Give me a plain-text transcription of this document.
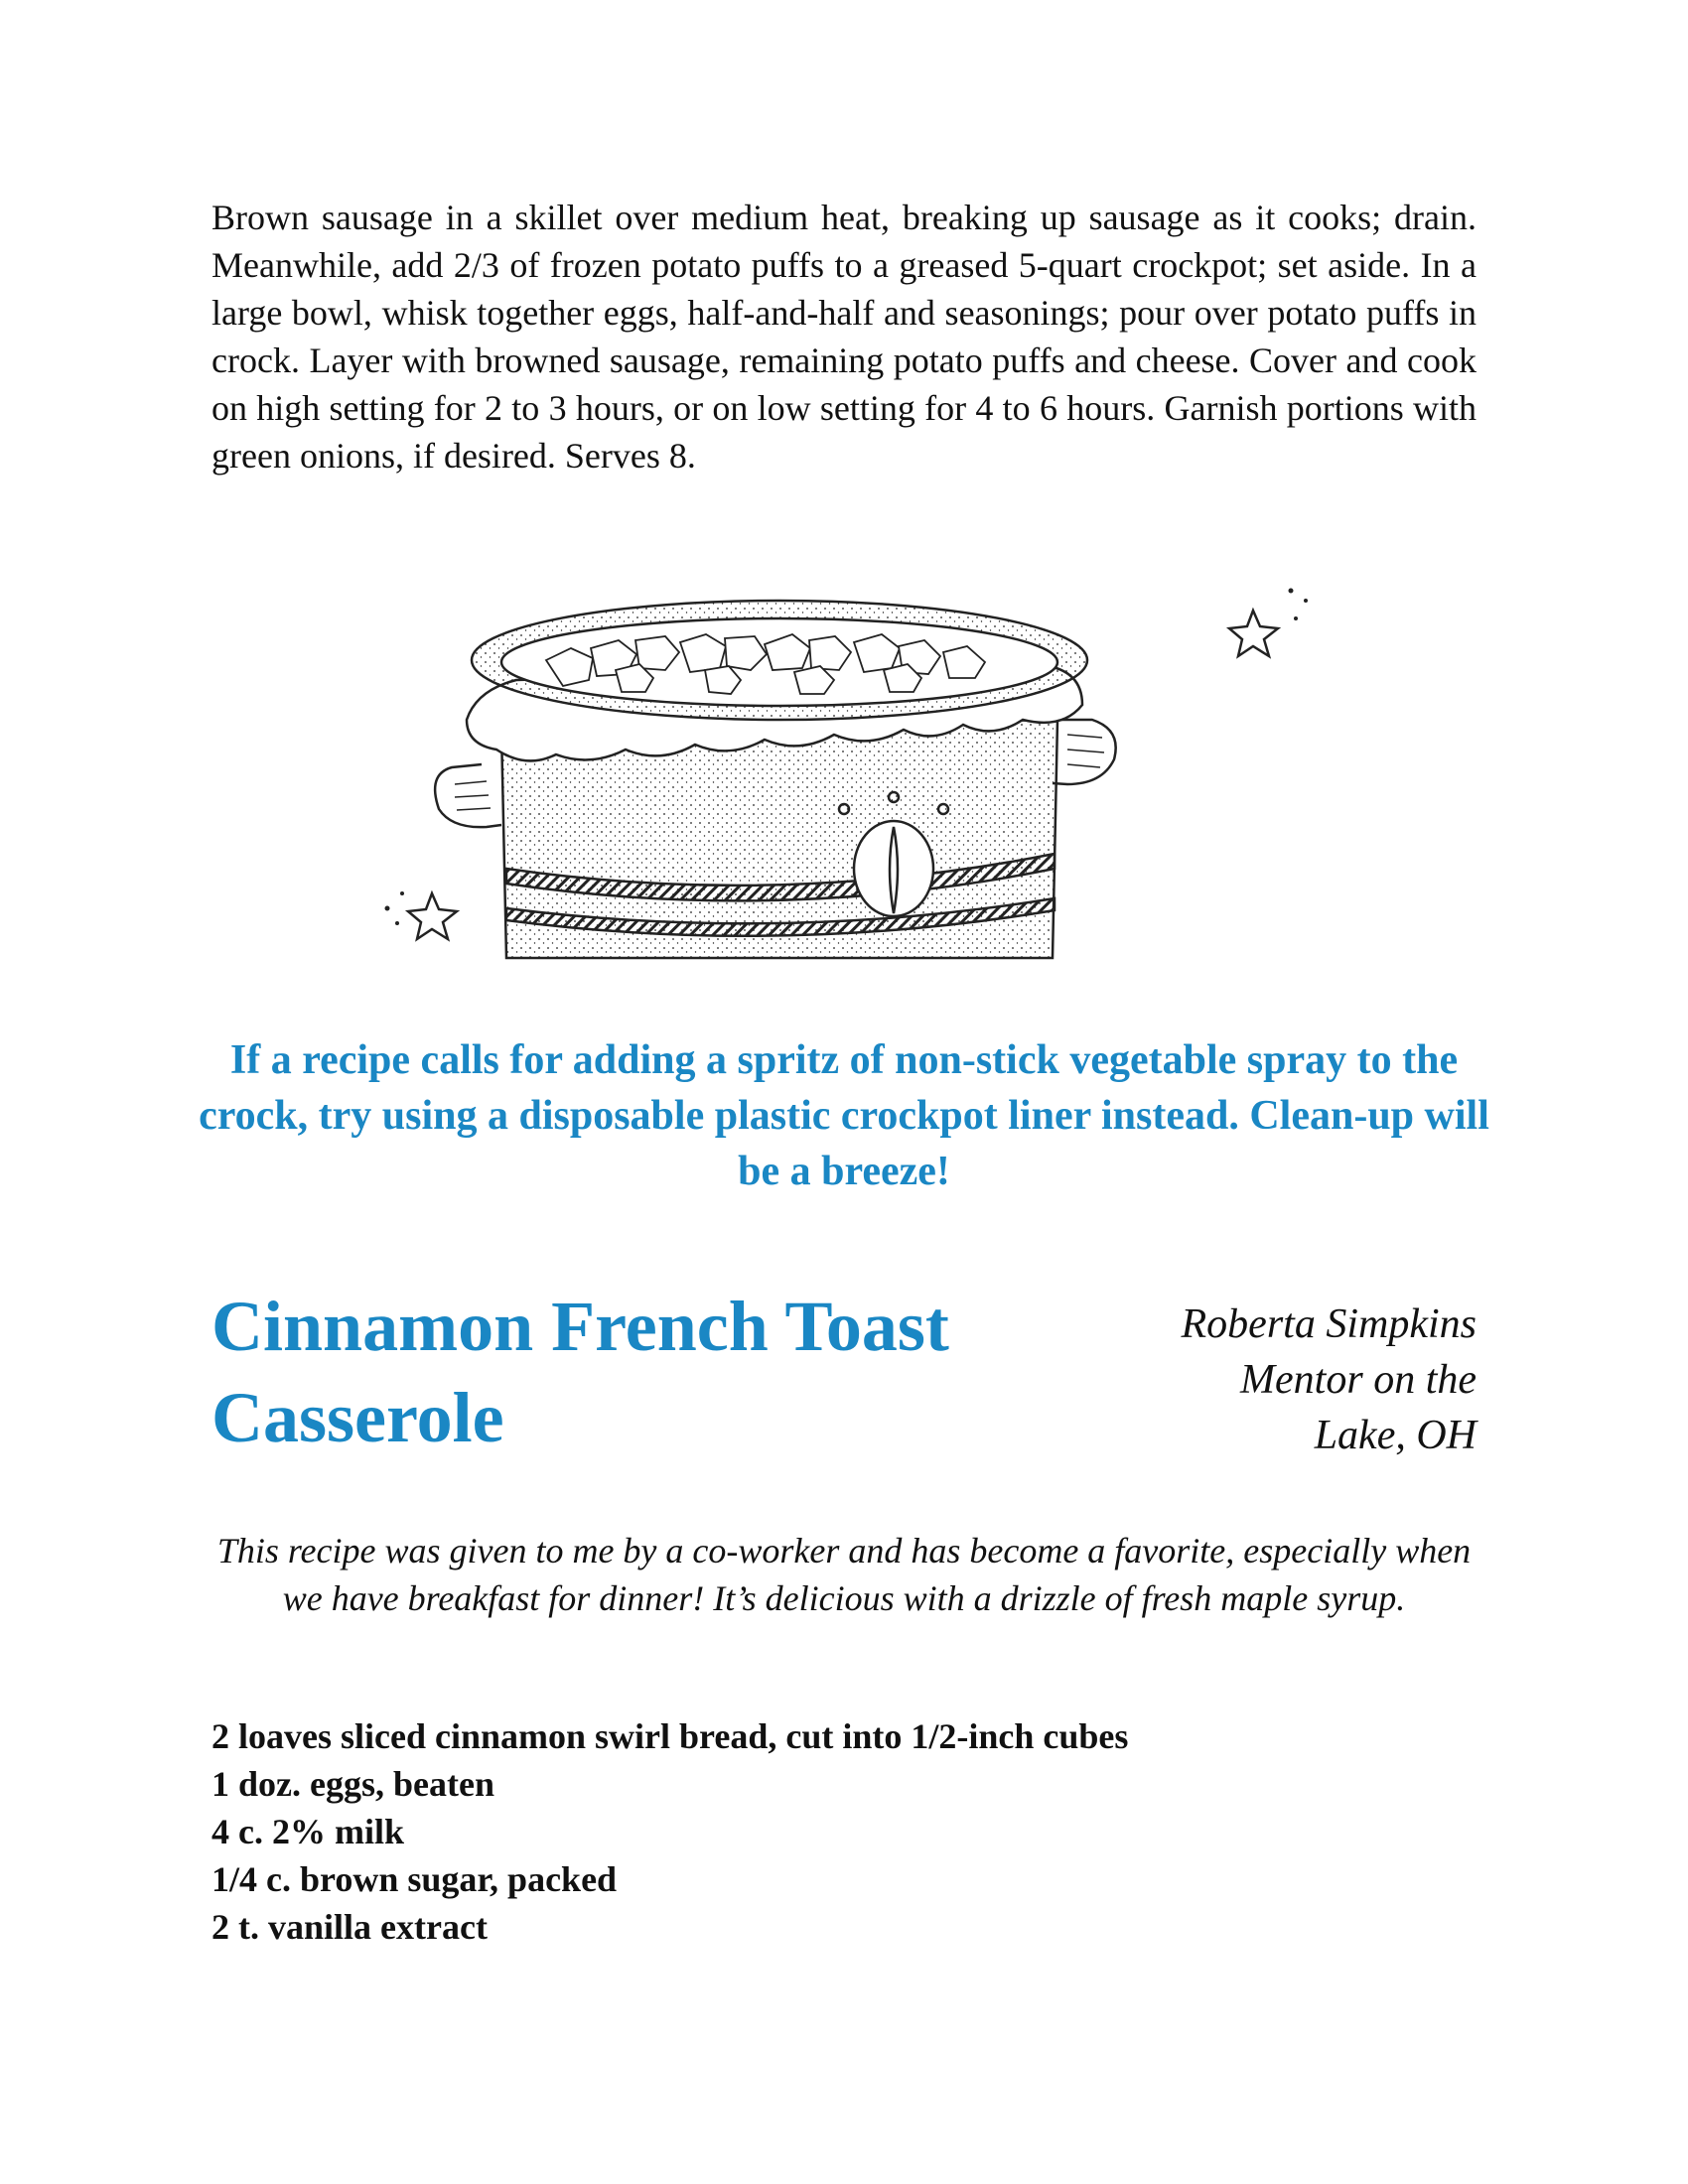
Brown sausage in a skillet over medium heat, breaking up sausage as it cooks; drain. Meanwhile, add 2/3 of frozen potato puffs to a greased 5-quart crockpot; set aside. In a large bowl, whisk together eggs, half-and-half and seasonings; pour over potato puffs in crock. Layer with browned sausage, remaining potato puffs and cheese. Cover and cook on high setting for 2 to 3 hours, or on low setting for 4 to 6 hours. Garnish portions with green onions, if desired. Serves 8.

If a recipe calls for adding a spritz of non-stick vegetable spray to the crock, try using a disposable plastic crockpot liner instead. Clean-up will be a breeze!

Cinnamon French Toast Casserole
Roberta Simpkins
Mentor on the
Lake, OH

This recipe was given to me by a co-worker and has become a favorite, especially when we have breakfast for dinner! It’s delicious with a drizzle of fresh maple syrup.

2 loaves sliced cinnamon swirl bread, cut into 1/2-inch cubes
1 doz. eggs, beaten
4 c. 2% milk
1/4 c. brown sugar, packed
2 t. vanilla extract
